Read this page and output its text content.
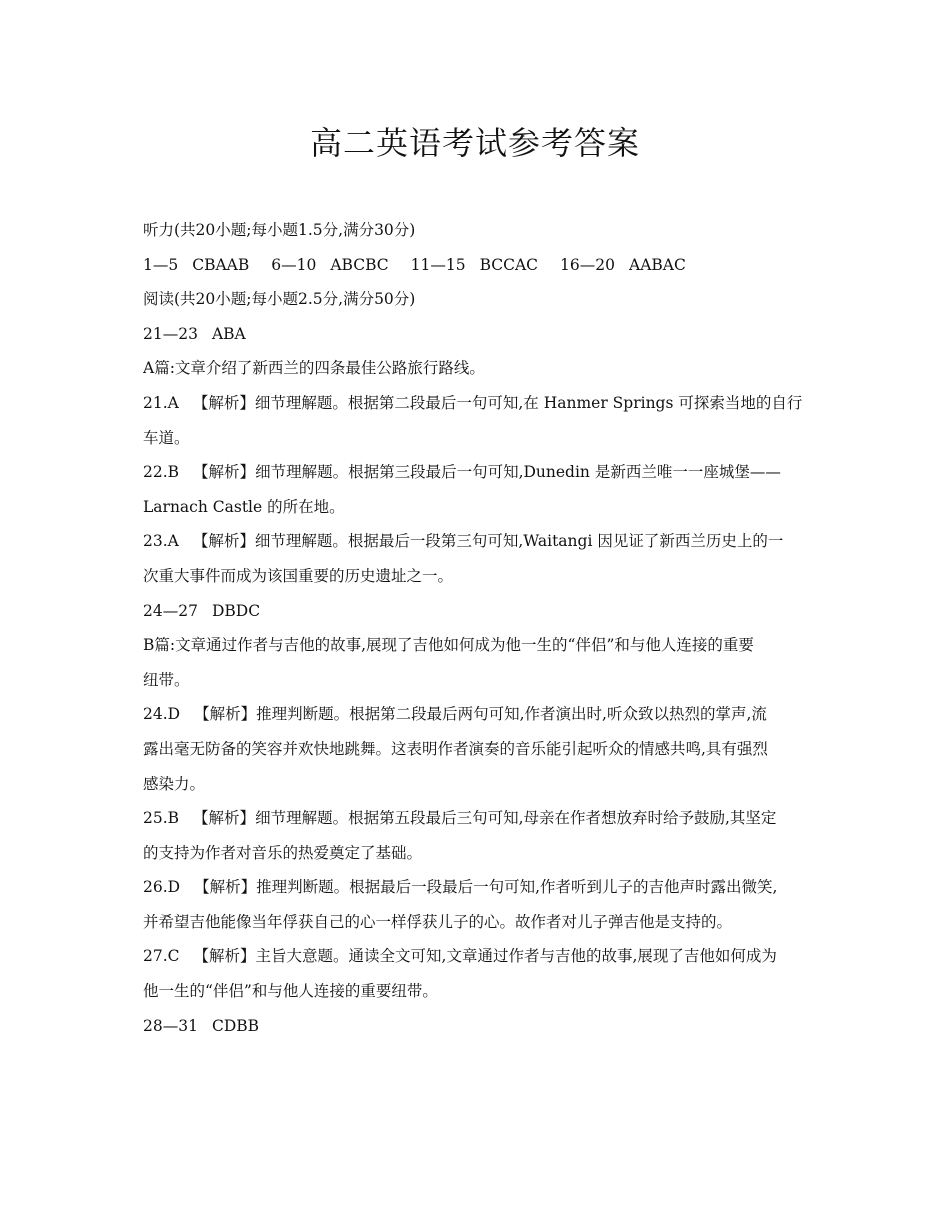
高二英语考试参考答案
听力(共20小题;每小题1.5分,满分30分)
1—5 CBAAB 6—10 ABCBC 11—15 BCCAC 16—20 AABAC
阅读(共20小题;每小题2.5分,满分50分)
21—23 ABA
A篇:文章介绍了新西兰的四条最佳公路旅行路线。
21.A 【解析】细节理解题。根据第二段最后一句可知,在 Hanmer Springs 可探索当地的自行
车道。
22.B 【解析】细节理解题。根据第三段最后一句可知,Dunedin 是新西兰唯一一座城堡——
Larnach Castle 的所在地。
23.A 【解析】细节理解题。根据最后一段第三句可知,Waitangi 因见证了新西兰历史上的一
次重大事件而成为该国重要的历史遗址之一。
24—27 DBDC
B篇:文章通过作者与吉他的故事,展现了吉他如何成为他一生的“伴侣”和与他人连接的重要
纽带。
24.D 【解析】推理判断题。根据第二段最后两句可知,作者演出时,听众致以热烈的掌声,流
露出毫无防备的笑容并欢快地跳舞。这表明作者演奏的音乐能引起听众的情感共鸣,具有强烈
感染力。
25.B 【解析】细节理解题。根据第五段最后三句可知,母亲在作者想放弃时给予鼓励,其坚定
的支持为作者对音乐的热爱奠定了基础。
26.D 【解析】推理判断题。根据最后一段最后一句可知,作者听到儿子的吉他声时露出微笑,
并希望吉他能像当年俘获自己的心一样俘获儿子的心。故作者对儿子弹吉他是支持的。
27.C 【解析】主旨大意题。通读全文可知,文章通过作者与吉他的故事,展现了吉他如何成为
他一生的“伴侣”和与他人连接的重要纽带。
28—31 CDBB
